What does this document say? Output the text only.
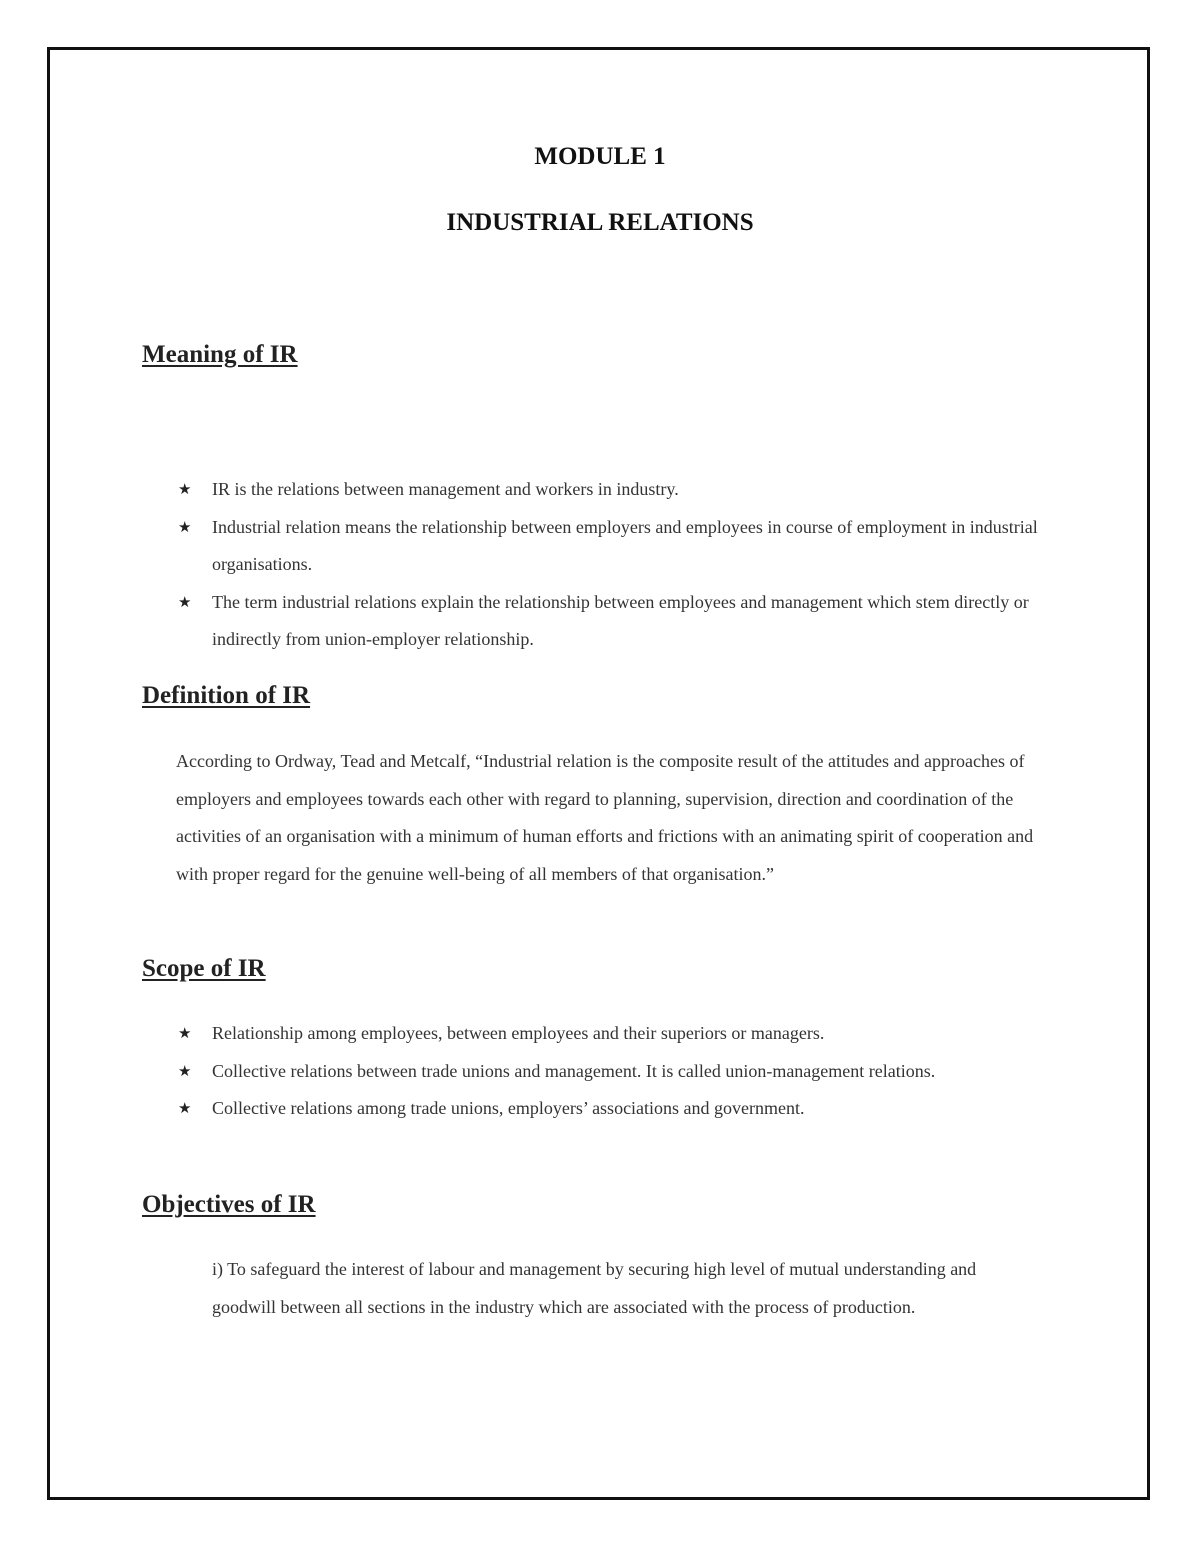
MODULE 1
INDUSTRIAL RELATIONS
Meaning of IR
★ IR is the relations between management and workers in industry.
★ Industrial relation means the relationship between employers and employees in course of employment in industrial organisations.
★ The term industrial relations explain the relationship between employees and management which stem directly or indirectly from union-employer relationship.
Definition of IR

According to Ordway, Tead and Metcalf, “Industrial relation is the composite result of the attitudes and approaches of employers and employees towards each other with regard to planning, supervision, direction and coordination of the activities of an organisation with a minimum of human efforts and frictions with an animating spirit of cooperation and with proper regard for the genuine well-being of all members of that organisation.”

Scope of IR
★ Relationship among employees, between employees and their superiors or managers.
★ Collective relations between trade unions and management. It is called union-management relations.
★ Collective relations among trade unions, employers’ associations and government.
Objectives of IR

i) To safeguard the interest of labour and management by securing high level of mutual understanding and goodwill between all sections in the industry which are associated with the process of production.
